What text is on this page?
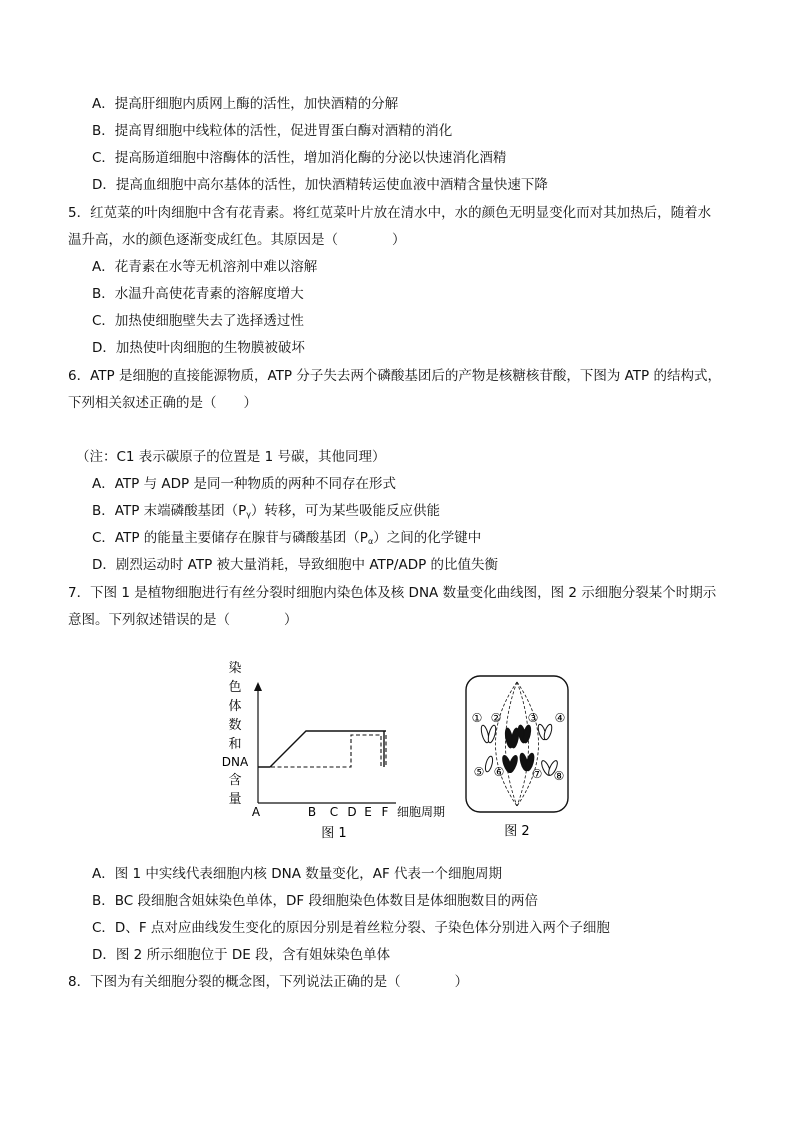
A．提高肝细胞内质网上酶的活性，加快酒精的分解
B．提高胃细胞中线粒体的活性，促进胃蛋白酶对酒精的消化
C．提高肠道细胞中溶酶体的活性，增加消化酶的分泌以快速消化酒精
D．提高血细胞中高尔基体的活性，加快酒精转运使血液中酒精含量快速下降
5．红苋菜的叶肉细胞中含有花青素。将红苋菜叶片放在清水中，水的颜色无明显变化而对其加热后，随着水
温升高，水的颜色逐渐变成红色。其原因是（　　　　）
A．花青素在水等无机溶剂中难以溶解
B．水温升高使花青素的溶解度增大
C．加热使细胞壁失去了选择透过性
D．加热使叶肉细胞的生物膜被破坏
6．ATP 是细胞的直接能源物质，ATP 分子失去两个磷酸基团后的产物是核糖核苷酸，下图为 ATP 的结构式，
下列相关叙述正确的是（　　）
（注：C1 表示碳原子的位置是 1 号碳，其他同理）
A．ATP 与 ADP 是同一种物质的两种不同存在形式
B．ATP 末端磷酸基团$(P_\gamma)$转移，可为某些吸能反应供能
C．ATP 的能量主要储存在腺苷与磷酸基团$(P_\alpha)$之间的化学键中
D．剧烈运动时 ATP 被大量消耗，导致细胞中 ATP/ADP 的比值失衡
7．下图 1 是植物细胞进行有丝分裂时细胞内染色体及核 DNA 数量变化曲线图，图 2 示细胞分裂某个时期示
意图。下列叙述错误的是（　　　　）
染
色
体
数
和
DNA
含
量
A	B C D E F 细胞周期
图 1
① ② ③ ④
⑤ ⑥ ⑦ ⑧
图 2
A．图 1 中实线代表细胞内核 DNA 数量变化，AF 代表一个细胞周期
B．BC 段细胞含姐妹染色单体，DF 段细胞染色体数目是体细胞数目的两倍
C．D、F 点对应曲线发生变化的原因分别是着丝粒分裂、子染色体分别进入两个子细胞
D．图 2 所示细胞位于 DE 段，含有姐妹染色单体
8．下图为有关细胞分裂的概念图，下列说法正确的是（　　　　）
